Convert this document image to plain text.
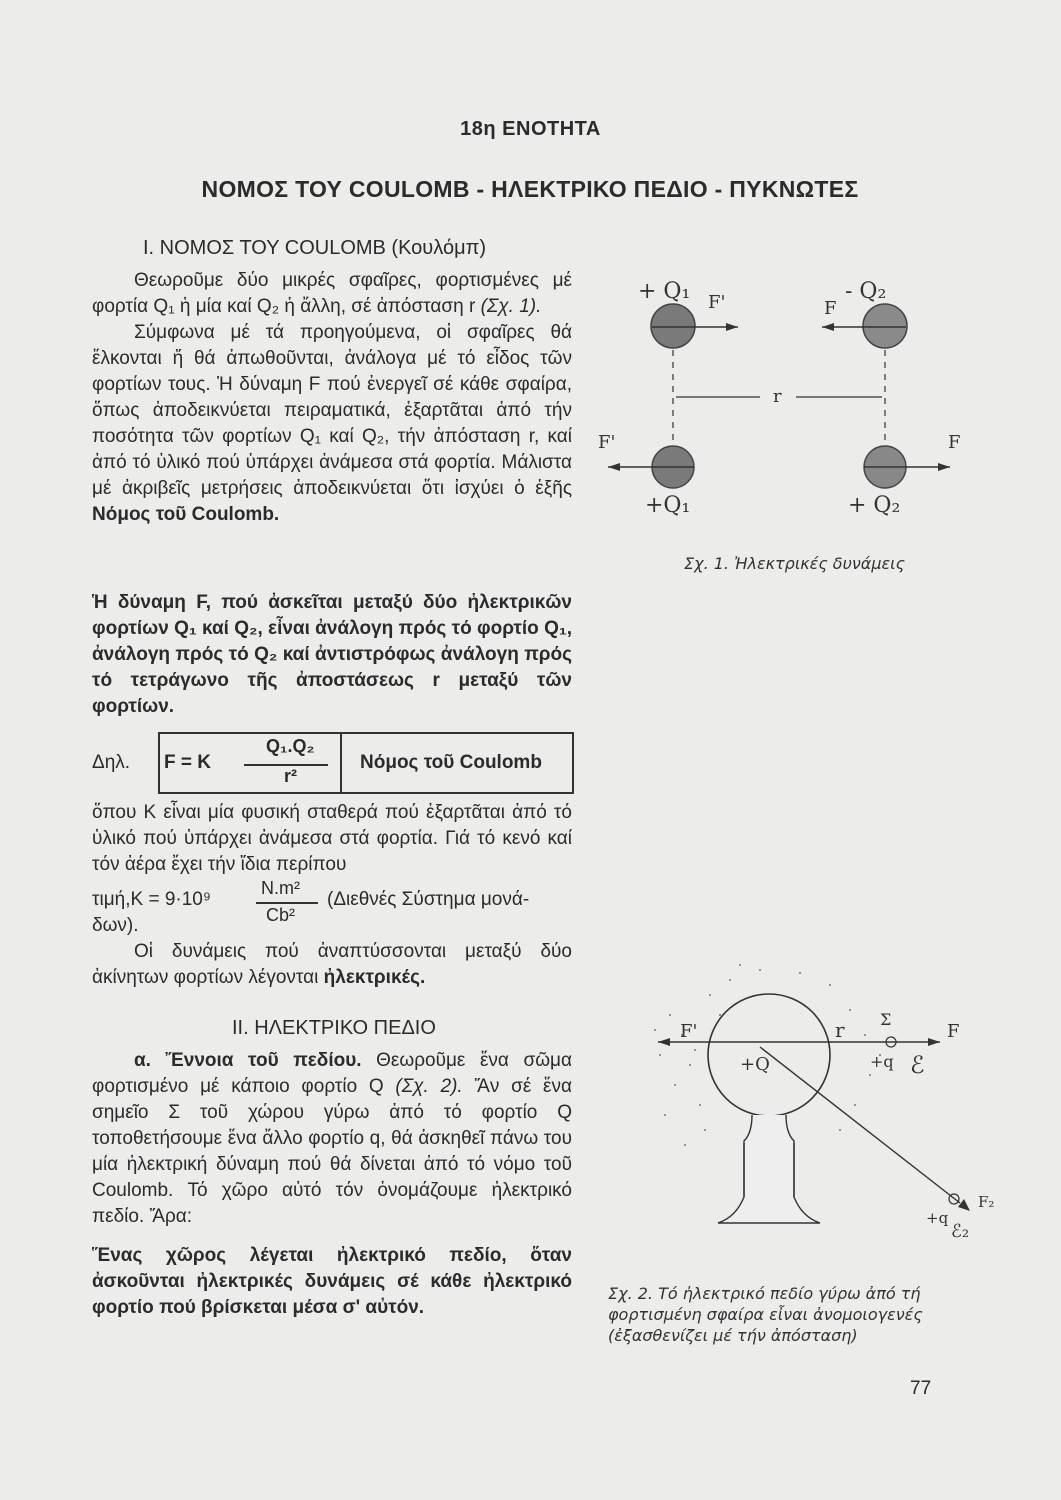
18η ΕΝΟΤΗΤΑ
ΝΟΜΟΣ ΤΟΥ COULOMB - ΗΛΕΚΤΡΙΚΟ ΠΕΔΙΟ - ΠΥΚΝΩΤΕΣ
Ι. ΝΟΜΟΣ ΤΟΥ COULOMB (Κουλόμπ)

Θεωροῦμε δύο μικρές σφαῖρες, φορτισμένες μέ φορτία Q₁ ἡ μία καί Q₂ ἡ ἄλλη, σέ ἀπόσταση r (Σχ. 1).

Σύμφωνα μέ τά προηγούμενα, οἱ σφαῖρες θά ἕλκονται ἤ θά ἀπωθοῦνται, ἀνάλογα μέ τό εἶδος τῶν φορτίων τους. Ἡ δύναμη F πού ἐνεργεῖ σέ κάθε σφαίρα, ὅπως ἀποδεικνύεται πειραματικά, ἐξαρτᾶται ἀπό τήν ποσότητα τῶν φορτίων Q₁ καί Q₂, τήν ἀπόσταση r, καί ἀπό τό ὑλικό πού ὑπάρχει ἀνάμεσα στά φορτία. Μάλιστα μέ ἀκριβεῖς μετρήσεις ἀποδεικνύεται ὅτι ἰσχύει ὁ ἑξῆς Νόμος τοῦ Coulomb.

Ἡ δύναμη F, πού ἀσκεῖται μεταξύ δύο ἠλεκτρικῶν φορτίων Q₁ καί Q₂, εἶναι ἀνάλογη πρός τό φορτίο Q₁, ἀνάλογη πρός τό Q₂ καί ἀντιστρόφως ἀνάλογη πρός τό τετράγωνο τῆς ἀποστάσεως r μεταξύ τῶν φορτίων.

Δηλ. F = K
Q₁.Q₂
r²
Νόμος τοῦ Coulomb

ὅπου K εἶναι μία φυσική σταθερά πού ἐξαρτᾶται ἀπό τό ὑλικό πού ὑπάρχει ἀνάμεσα στά φορτία. Γιά τό κενό καί τόν ἀέρα ἔχει τήν ἴδια περίπου

τιμή,K = 9·10⁹
N.m²
Cb²
(Διεθνές Σύστημα μονά-
δων).

Οἱ δυνάμεις πού ἀναπτύσσονται μεταξύ δύο ἀκίνητων φορτίων λέγονται ἠλεκτρικές.

ΙΙ. ΗΛΕΚΤΡΙΚΟ ΠΕΔΙΟ

α. Ἔννοια τοῦ πεδίου. Θεωροῦμε ἕνα σῶμα φορτισμένο μέ κάποιο φορτίο Q (Σχ. 2). Ἄν σέ ἕνα σημεῖο Σ τοῦ χώρου γύρω ἀπό τό φορτίο Q τοποθετήσουμε ἕνα ἄλλο φορτίο q, θά ἀσκηθεῖ πάνω του μία ἠλεκτρική δύναμη πού θά δίνεται ἀπό τό νόμο τοῦ Coulomb. Τό χῶρο αὐτό τόν ὀνομάζουμε ἠλεκτρικό πεδίο. Ἄρα:

Ἕνας χῶρος λέγεται ἠλεκτρικό πεδίο, ὅταν ἀσκοῦνται ἠλεκτρικές δυνάμεις σέ κάθε ἠλεκτρικό φορτίο πού βρίσκεται μέσα σ' αὐτόν.

+ Q₁	- Q₂
F'	F
r
F'	F
+Q₁	+ Q₂
Σχ. 1. Ἠλεκτρικές δυνάμεις
F'	r Σ
F
+Q	+q ℰ
F₂
+q
ℰ₂
Σχ. 2. Τό ἠλεκτρικό πεδίο γύρω ἀπό τή φορτισμένη σφαίρα εἶναι ἀνομοιογενές (ἐξασθενίζει μέ τήν ἀπόσταση)
77
